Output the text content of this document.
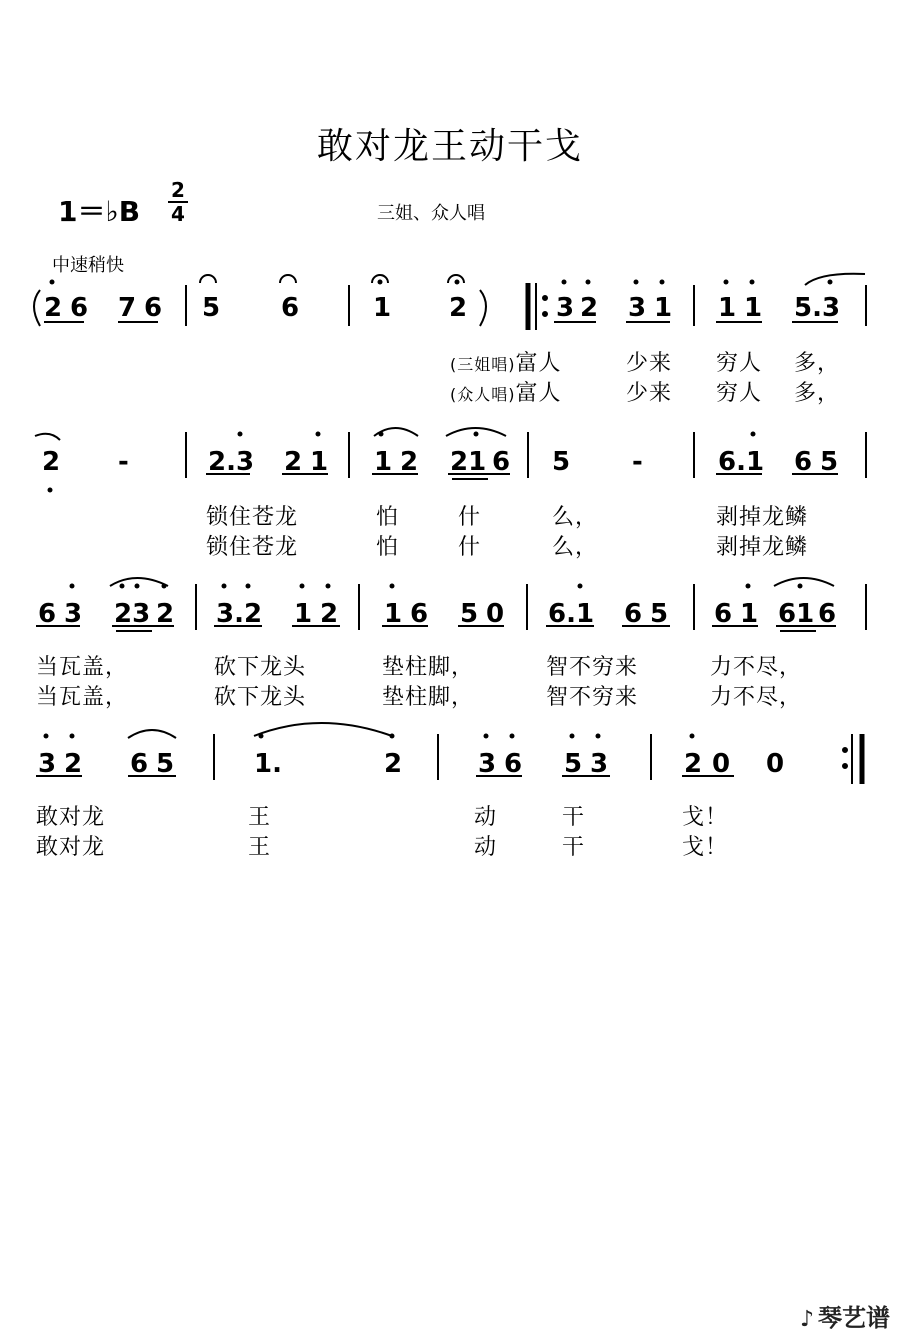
敢对龙王动干戈
1＝♭B
2
4	三姐、众人唱
中速稍快
2 6 7 6 5 6	1 2	3 2 3 1 1 1 5.3
2 -	2.3 2 1 1 2 21 6 5 -	6.1 6 5
6 3 23 2 3.2 1 2 1 6 5 0 6.1 6 5 6 1 61 6
3 2 6 5	1.	2	3 6 5 3	2 0 0
(三姐唱)富人	少来 穷人 多，
(众人唱)富人	少来 穷人 多，
锁住苍龙	怕	什	么，	剥掉龙鳞
锁住苍龙	怕	什	么，	剥掉龙鳞
当瓦盖，	砍下龙头	垫柱脚，	智不穷来	力不尽，
当瓦盖，	砍下龙头	垫柱脚，	智不穷来	力不尽，
敢对龙	王	动	干	戈！
敢对龙	王	动	干	戈！
♪ 琴艺谱
